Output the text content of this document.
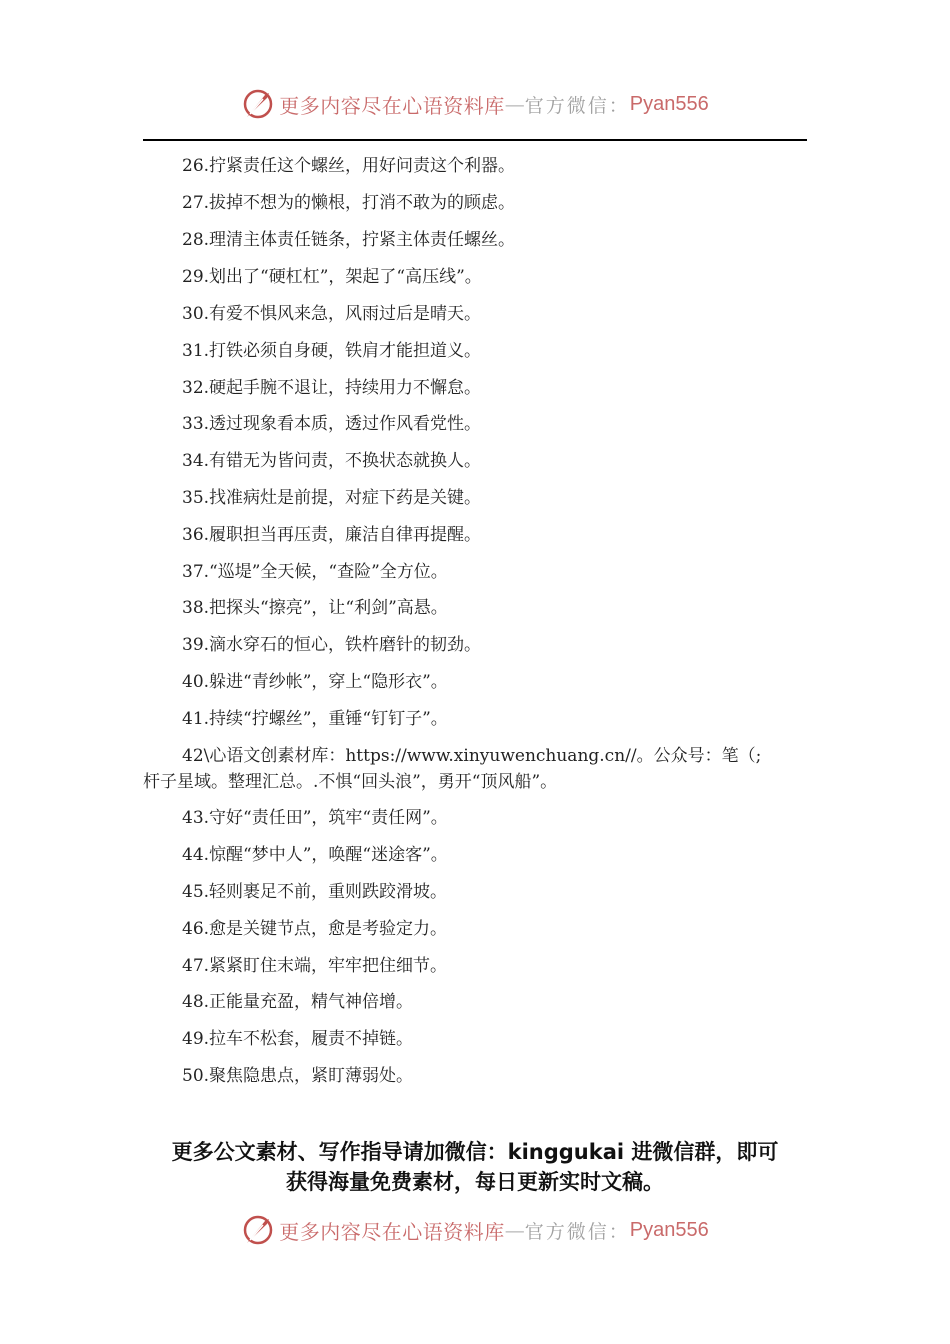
更多内容尽在心语资料库 — 官方微信： Pyan556
26.拧紧责任这个螺丝，用好问责这个利器。
27.拔掉不想为的懒根，打消不敢为的顾虑。
28.理清主体责任链条，拧紧主体责任螺丝。
29.划出了“硬杠杠”，架起了“高压线”。
30.有爱不惧风来急，风雨过后是晴天。
31.打铁必须自身硬，铁肩才能担道义。
32.硬起手腕不退让，持续用力不懈怠。
33.透过现象看本质，透过作风看党性。
34.有错无为皆问责，不换状态就换人。
35.找准病灶是前提，对症下药是关键。
36.履职担当再压责，廉洁自律再提醒。
37.“巡堤”全天候，“查险”全方位。
38.把探头“擦亮”，让“利剑”高悬。
39.滴水穿石的恒心，铁杵磨针的韧劲。
40.躲进“青纱帐”，穿上“隐形衣”。
41.持续“拧螺丝”，重锤“钉钉子”。
42\心语文创素材库：https://www.xinyuwenchuang.cn//。公众号：笔（;
杆子星域。整理汇总。.不惧“回头浪”，勇开“顶风船”。
43.守好“责任田”，筑牢“责任网”。
44.惊醒“梦中人”，唤醒“迷途客”。
45.轻则裹足不前，重则跌跤滑坡。
46.愈是关键节点，愈是考验定力。
47.紧紧盯住末端，牢牢把住细节。
48.正能量充盈，精气神倍增。
49.拉车不松套，履责不掉链。
50.聚焦隐患点，紧盯薄弱处。
更多公文素材、写作指导请加微信：kinggukai 进微信群，即可
获得海量免费素材，每日更新实时文稿。
更多内容尽在心语资料库 — 官方微信： Pyan556
